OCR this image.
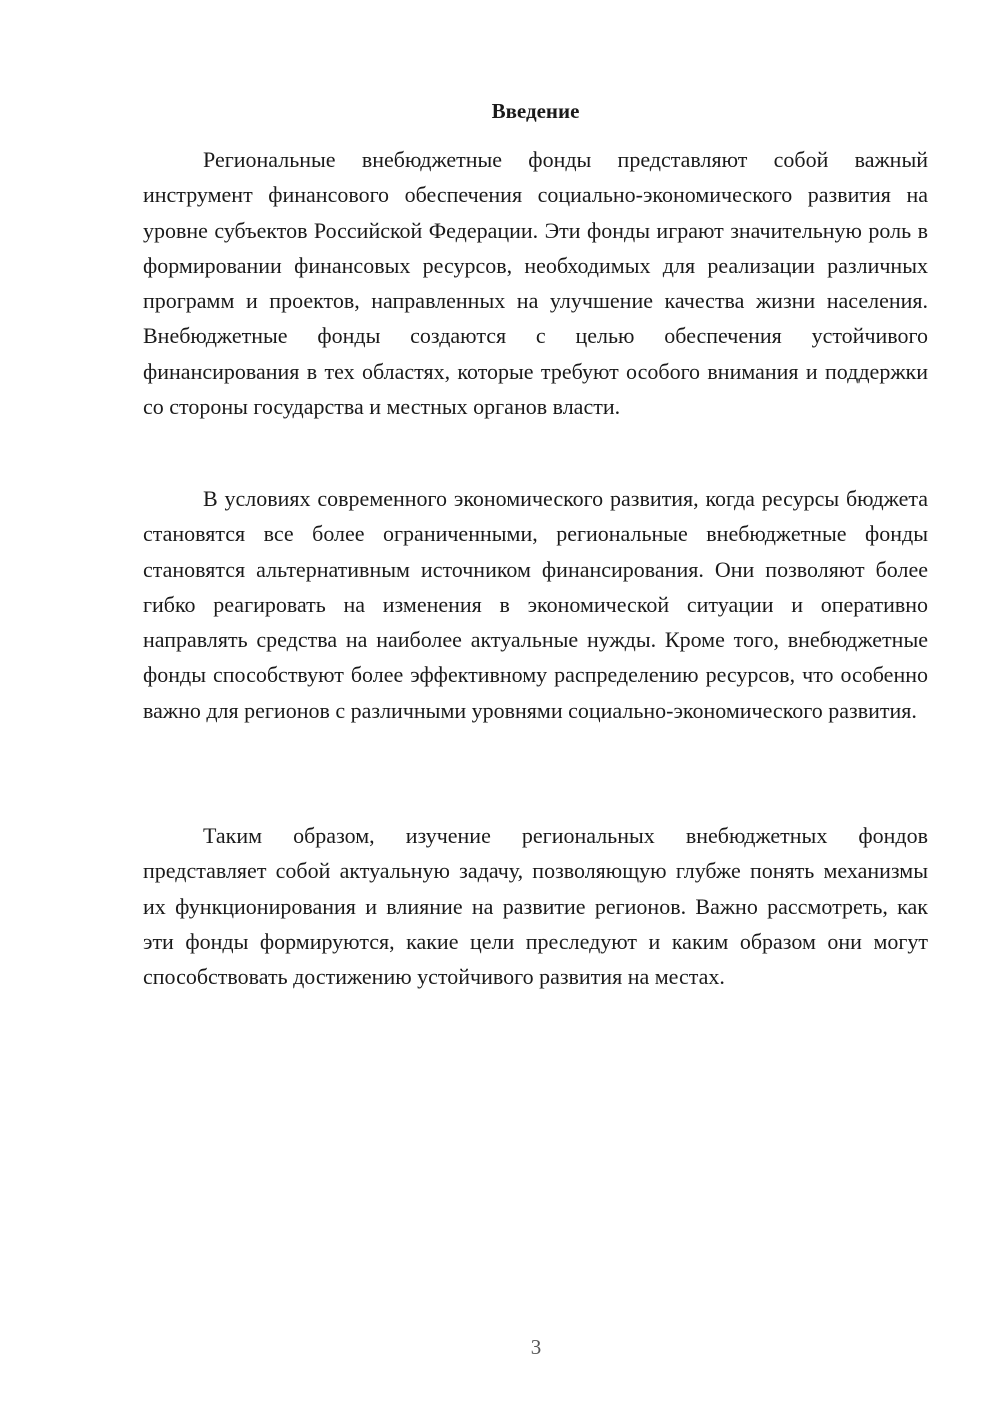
Введение

Региональные внебюджетные фонды представляют собой важный инструмент финансового обеспечения социально-экономического развития на уровне субъектов Российской Федерации. Эти фонды играют значительную роль в формировании финансовых ресурсов, необходимых для реализации различных программ и проектов, направленных на улучшение качества жизни населения. Внебюджетные фонды создаются с целью обеспечения устойчивого финансирования в тех областях, которые требуют особого внимания и поддержки со стороны государства и местных органов власти.

В условиях современного экономического развития, когда ресурсы бюджета становятся все более ограниченными, региональные внебюджетные фонды становятся альтернативным источником финансирования. Они позволяют более гибко реагировать на изменения в экономической ситуации и оперативно направлять средства на наиболее актуальные нужды. Кроме того, внебюджетные фонды способствуют более эффективному распределению ресурсов, что особенно важно для регионов с различными уровнями социально-экономического развития.

Таким образом, изучение региональных внебюджетных фондов представляет собой актуальную задачу, позволяющую глубже понять механизмы их функционирования и влияние на развитие регионов. Важно рассмотреть, как эти фонды формируются, какие цели преследуют и каким образом они могут способствовать достижению устойчивого развития на местах.

3
